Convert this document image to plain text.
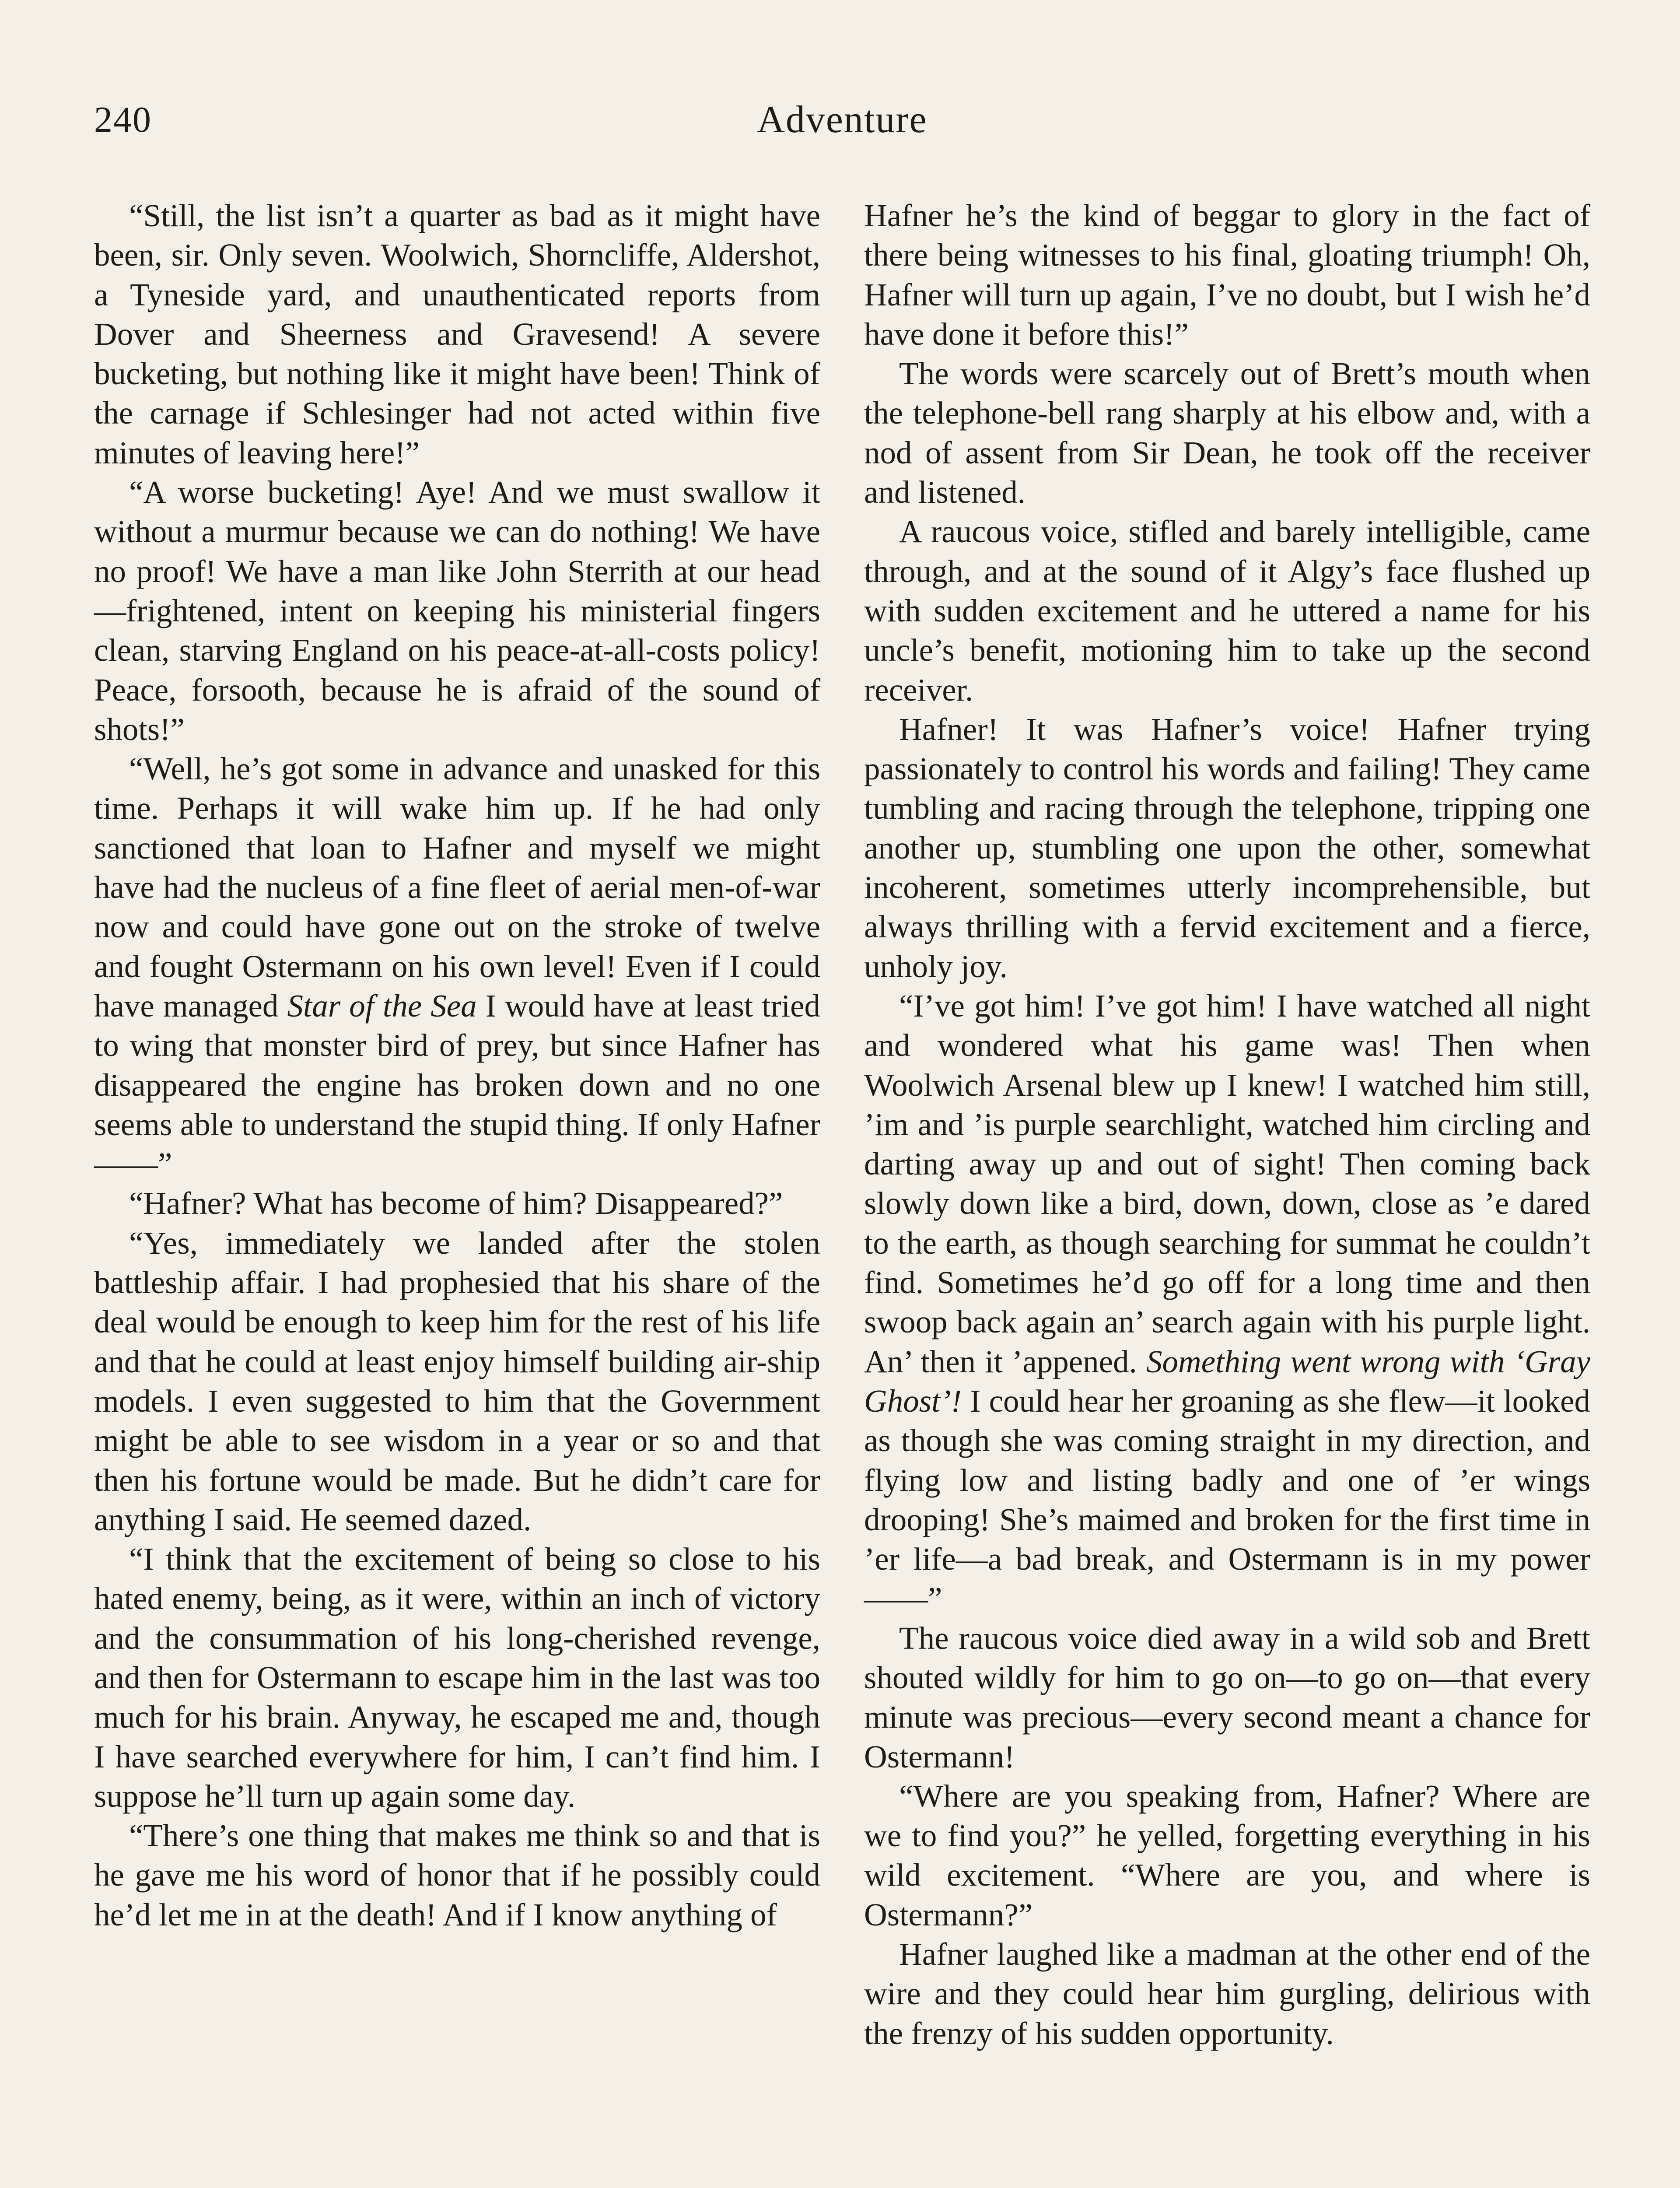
240	Adventure

“Still, the list isn’t a quarter as bad as it might have been, sir. Only seven. Woolwich, Shorncliffe, Aldershot, a Tyneside yard, and unauthenticated reports from Dover and Sheerness and Gravesend! A severe bucketing, but nothing like it might have been! Think of the carnage if Schlesinger had not acted within five minutes of leaving here!”

“A worse bucketing! Aye! And we must swallow it without a murmur because we can do nothing! We have no proof! We have a man like John Sterrith at our head—frightened, intent on keeping his ministerial fingers clean, starving England on his peace-at-all-costs policy! Peace, forsooth, because he is afraid of the sound of shots!”

“Well, he’s got some in advance and unasked for this time. Perhaps it will wake him up. If he had only sanctioned that loan to Hafner and myself we might have had the nucleus of a fine fleet of aerial men-of-war now and could have gone out on the stroke of twelve and fought Ostermann on his own level! Even if I could have managed Star of the Sea I would have at least tried to wing that monster bird of prey, but since Hafner has disappeared the engine has broken down and no one seems able to understand the stupid thing. If only Hafner——”

“Hafner? What has become of him? Disappeared?”

“Yes, immediately we landed after the stolen battleship affair. I had prophesied that his share of the deal would be enough to keep him for the rest of his life and that he could at least enjoy himself building air-ship models. I even suggested to him that the Government might be able to see wisdom in a year or so and that then his fortune would be made. But he didn’t care for anything I said. He seemed dazed.

“I think that the excitement of being so close to his hated enemy, being, as it were, within an inch of victory and the consummation of his long-cherished revenge, and then for Ostermann to escape him in the last was too much for his brain. Anyway, he escaped me and, though I have searched everywhere for him, I can’t find him. I suppose he’ll turn up again some day.

“There’s one thing that makes me think so and that is he gave me his word of honor that if he possibly could he’d let me in at the death! And if I know anything of

Hafner he’s the kind of beggar to glory in the fact of there being witnesses to his final, gloating triumph! Oh, Hafner will turn up again, I’ve no doubt, but I wish he’d have done it before this!”

The words were scarcely out of Brett’s mouth when the telephone-bell rang sharply at his elbow and, with a nod of assent from Sir Dean, he took off the receiver and listened.

A raucous voice, stifled and barely intelligible, came through, and at the sound of it Algy’s face flushed up with sudden excitement and he uttered a name for his uncle’s benefit, motioning him to take up the second receiver.

Hafner! It was Hafner’s voice! Hafner trying passionately to control his words and failing! They came tumbling and racing through the telephone, tripping one another up, stumbling one upon the other, somewhat incoherent, sometimes utterly incomprehensible, but always thrilling with a fervid excitement and a fierce, unholy joy.

“I’ve got him! I’ve got him! I have watched all night and wondered what his game was! Then when Woolwich Arsenal blew up I knew! I watched him still, ’im and ’is purple searchlight, watched him circling and darting away up and out of sight! Then coming back slowly down like a bird, down, down, close as ’e dared to the earth, as though searching for summat he couldn’t find. Sometimes he’d go off for a long time and then swoop back again an’ search again with his purple light. An’ then it ’appened. Something went wrong with ‘Gray Ghost’! I could hear her groaning as she flew—it looked as though she was coming straight in my direction, and flying low and listing badly and one of ’er wings drooping! She’s maimed and broken for the first time in ’er life—a bad break, and Ostermann is in my power——”

The raucous voice died away in a wild sob and Brett shouted wildly for him to go on—to go on—that every minute was precious—every second meant a chance for Ostermann!

“Where are you speaking from, Hafner? Where are we to find you?” he yelled, forgetting everything in his wild excitement. “Where are you, and where is Ostermann?”

Hafner laughed like a madman at the other end of the wire and they could hear him gurgling, delirious with the frenzy of his sudden opportunity.
